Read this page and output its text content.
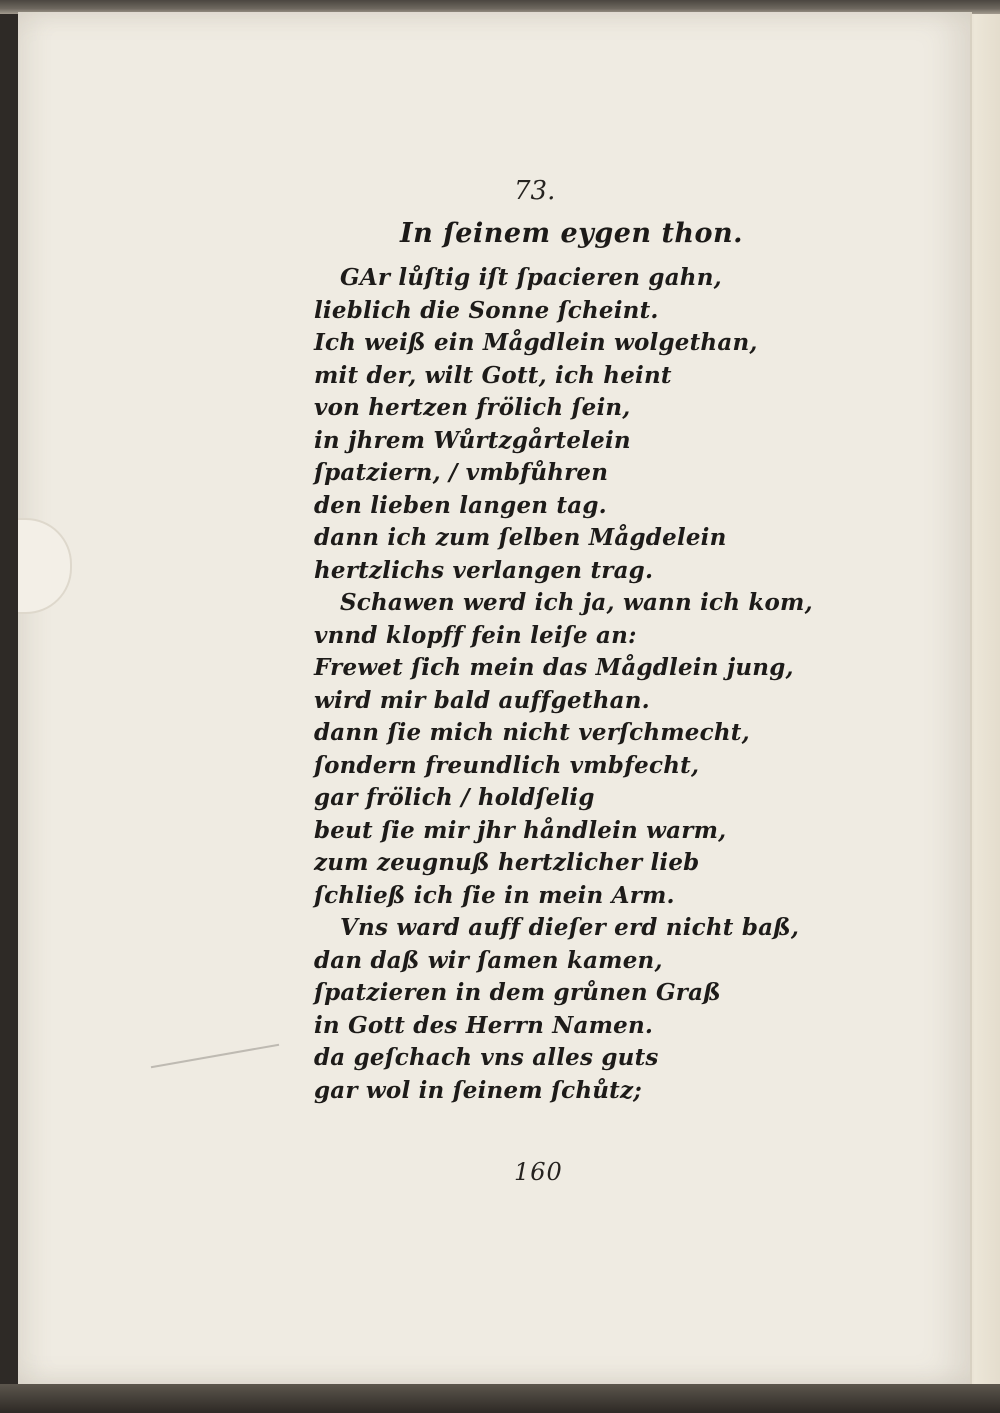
73.
In ſeinem eygen thon.
GAr lůſtig iſt ſpacieren gahn,
lieblich die Sonne ſcheint.
Ich weiß ein Mågdlein wolgethan,
mit der, wilt Gott, ich heint
von hertzen frölich ſein,
in jhrem Wůrtzgårtelein
ſpatziern, / vmbfůhren
den lieben langen tag.
dann ich zum ſelben Mågdelein
hertzlichs verlangen trag.
Schawen werd ich ja, wann ich kom,
vnnd klopff fein leiſe an:
Frewet ſich mein das Mågdlein jung,
wird mir bald auffgethan.
dann ſie mich nicht verſchmecht,
ſondern freundlich vmbfecht,
gar frölich / holdſelig
beut ſie mir jhr håndlein warm,
zum zeugnuß hertzlicher lieb
ſchließ ich ſie in mein Arm.
Vns ward auff dieſer erd nicht baß,
dan daß wir ſamen kamen,
ſpatzieren in dem grůnen Graß
in Gott des Herrn Namen.
da geſchach vns alles guts
gar wol in ſeinem ſchůtz;
160
